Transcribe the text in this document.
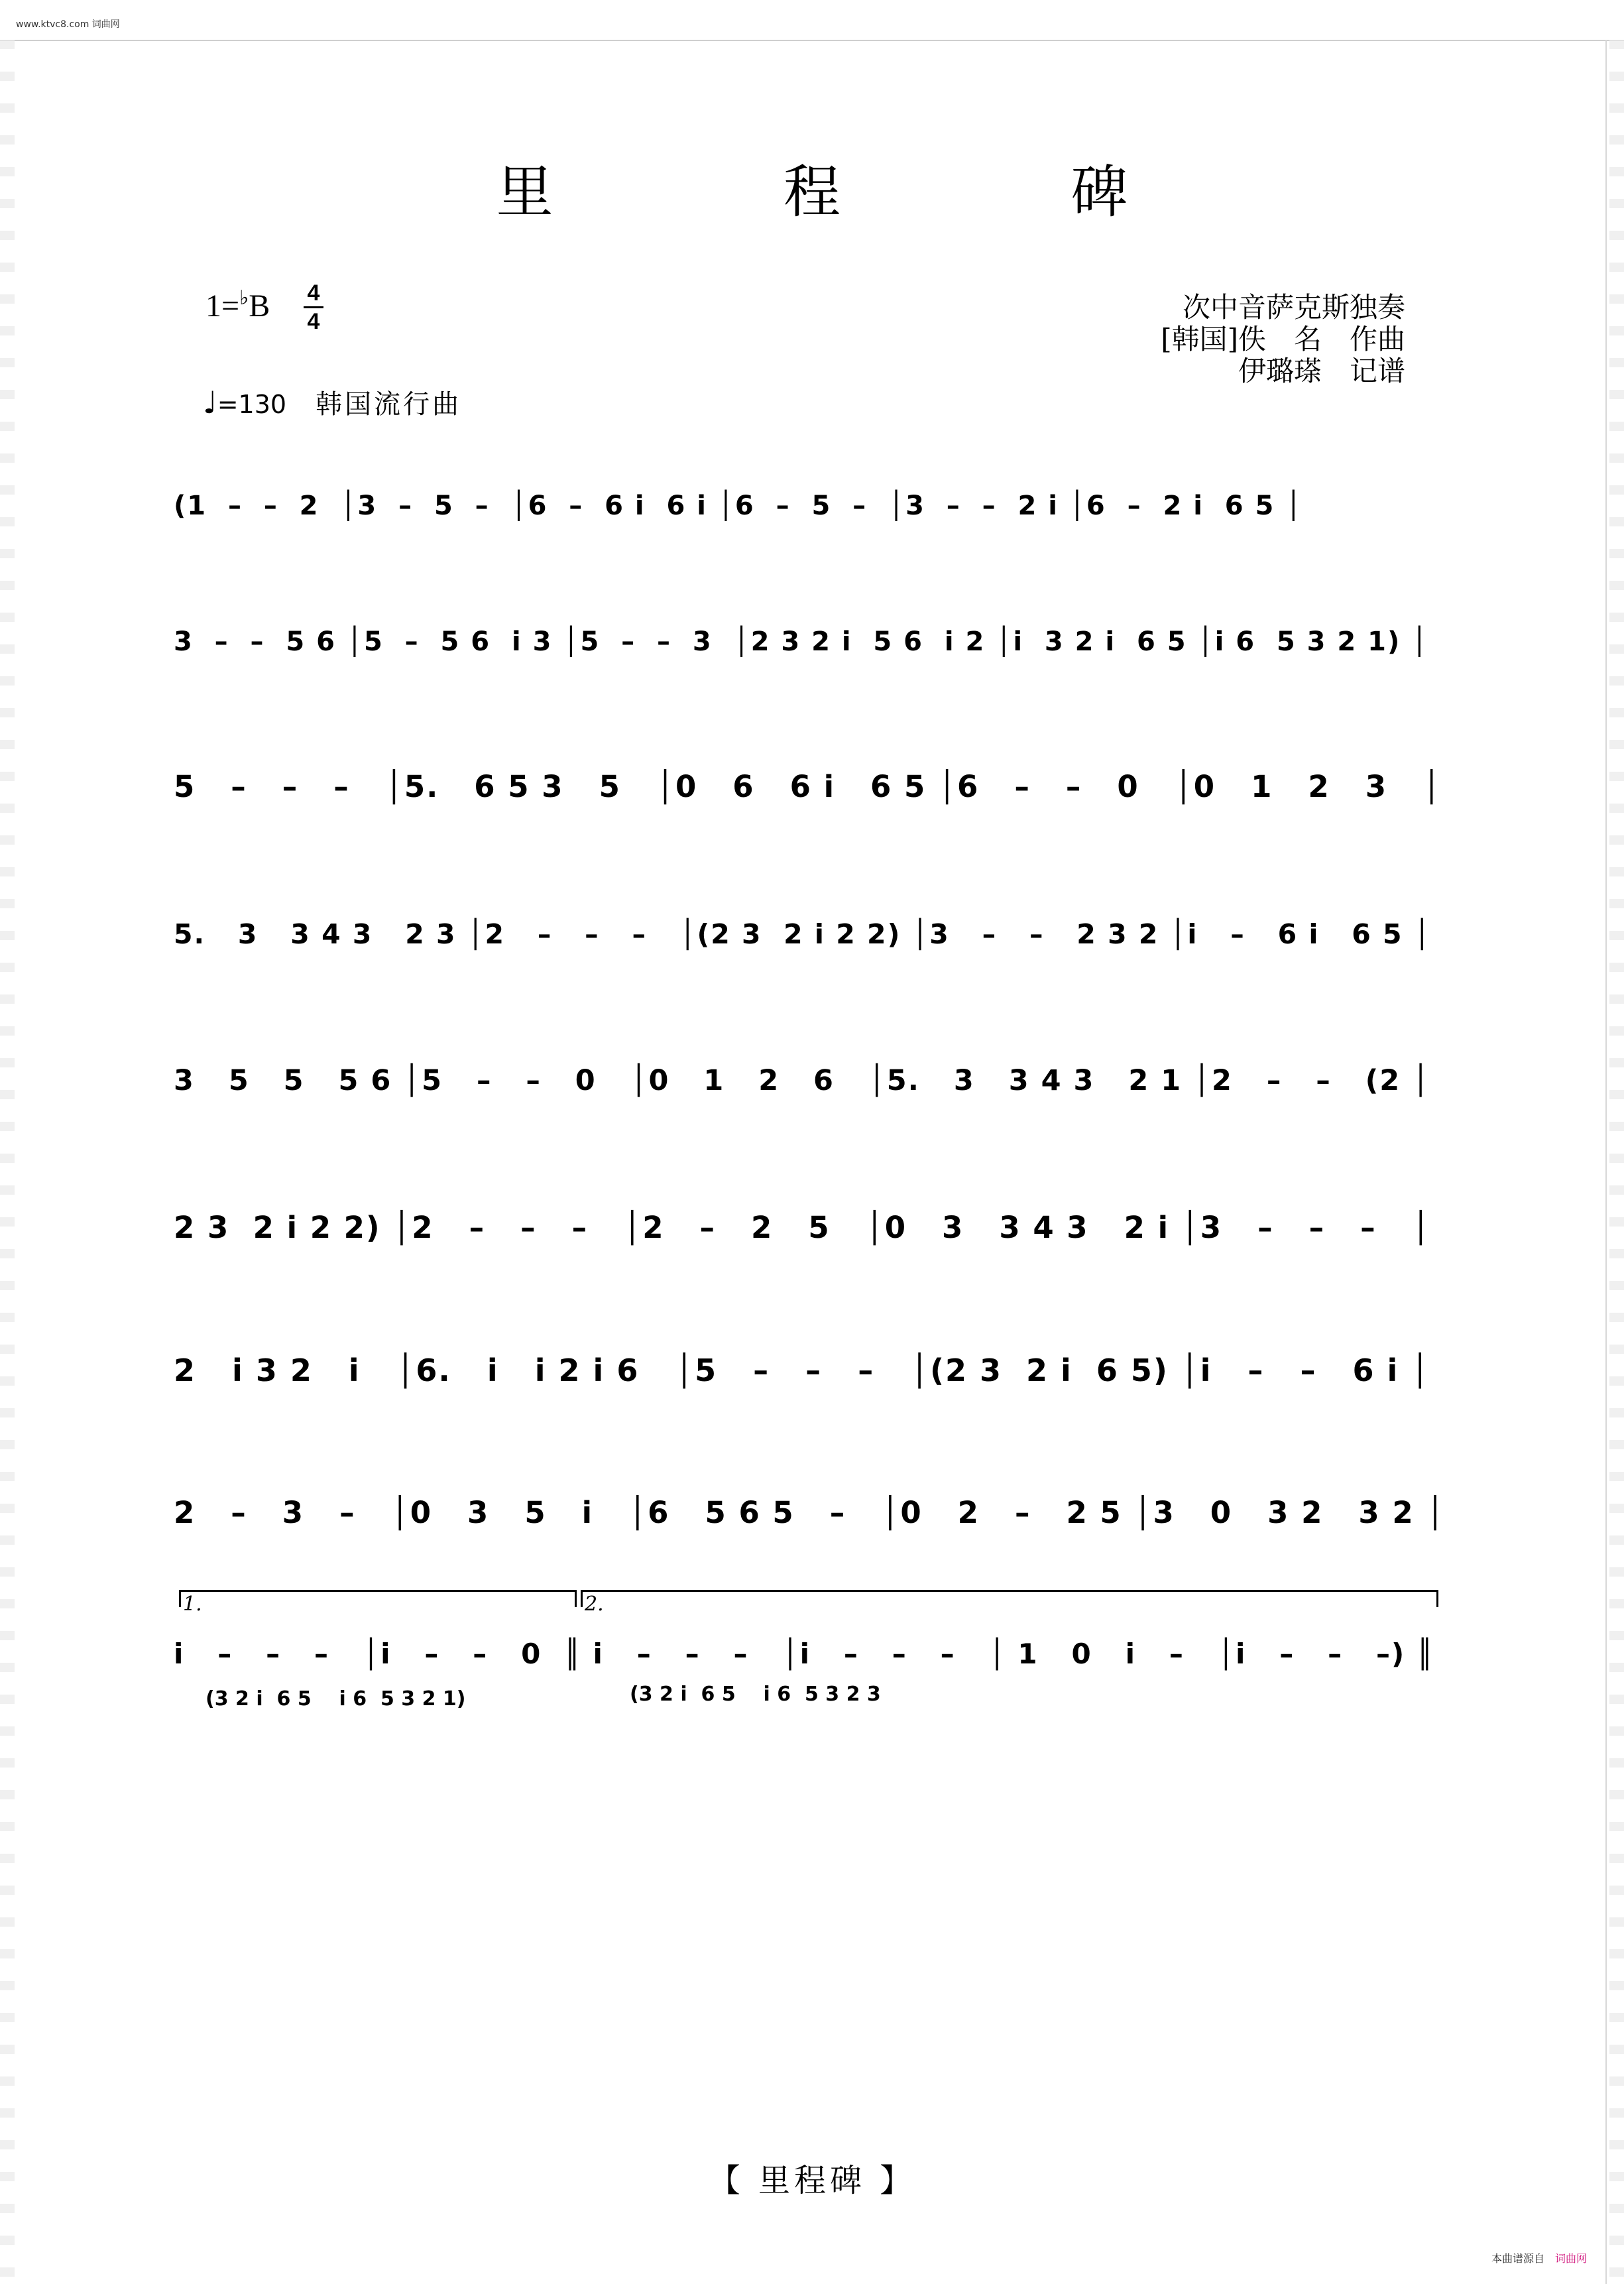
www.ktvc8.com 词曲网
里 程 碑
1=♭B 4
4
♩=130 韩国流行曲
次中音萨克斯独奏
[韩国]佚　名　作曲
伊璐瑹　记谱
(1  –  –  2  │3  –  5  –  │6  –  6 i  6 i │6  –  5  –  │3  –  –  2 i │6  –  2 i  6 5 │
3  –  –  5 6 │5  –  5 6  i 3 │5  –  –  3  │2 3 2 i  5 6  i 2 │i  3 2 i  6 5 │i 6  5 3 2 1) │
5   –   –   –   │5.   6 5 3   5   │0   6   6 i   6 5 │6   –   –   0   │0   1   2   3   │
5.   3   3 4 3   2 3 │2   –   –   –   │(2 3  2 i 2 2) │3   –   –   2 3 2 │i   –   6 i   6 5 │
3   5   5   5 6 │5   –   –   0   │0   1   2   6   │5.   3   3 4 3   2 1 │2   –   –   (2 │
2 3  2 i 2 2) │2   –   –   –   │2   –   2   5   │0   3   3 4 3   2 i │3   –   –   –   │
2   i 3 2   i   │6.   i   i 2 i 6   │5   –   –   –   │(2 3  2 i  6 5) │i   –   –   6 i │
2   –   3   –   │0   3   5   i   │6   5 6 5   –   │0   2   –   2 5 │3   0   3 2   3 2 │
i   –   –   –   │i   –   –   0  ║ i   –   –   –   │i   –   –   –   │ 1   0   i   –   │i   –   –   –) ║
1.	2.
(3 2 i  6 5    i 6  5 3 2 1)	(3 2 i  6 5    i 6  5 3 2 3
【 里程碑 】
本曲谱源自 词曲网
